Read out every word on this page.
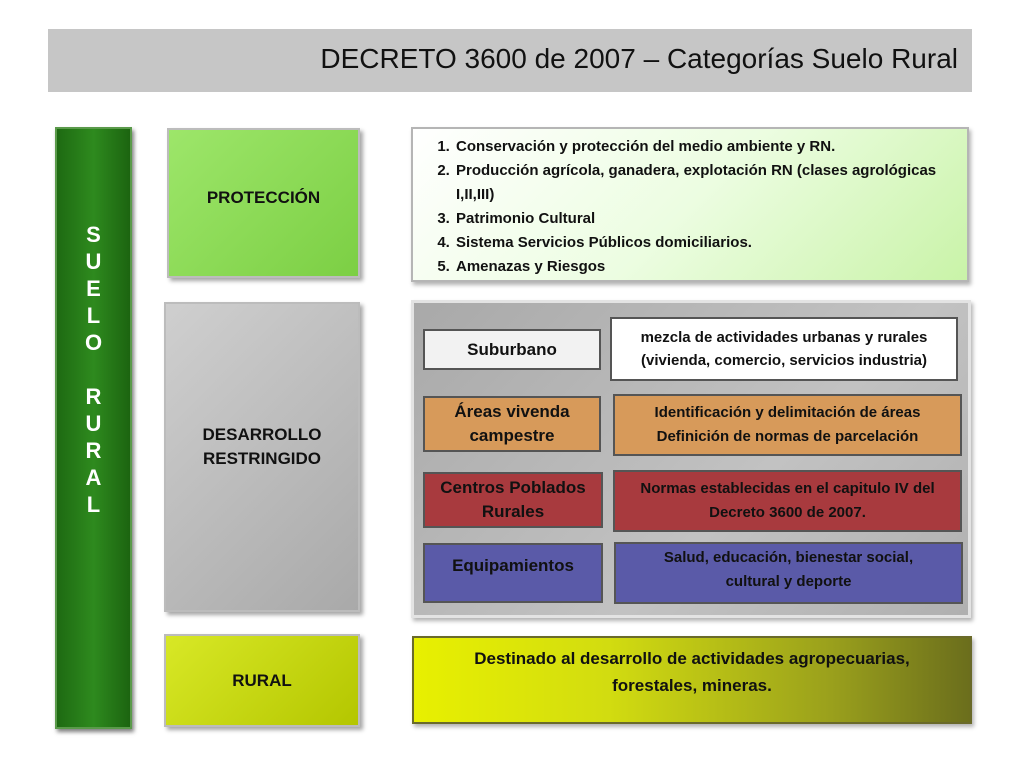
DECRETO 3600 de 2007 – Categorías Suelo Rural
S
U
E
L
O
R
U
R
A
L
PROTECCIÓN
DESARROLLO
RESTRINGIDO
RURAL
1. Conservación y protección del medio ambiente y RN.
2. Producción agrícola, ganadera, explotación RN (clases agrológicas I,II,III)
3. Patrimonio Cultural
4. Sistema Servicios Públicos domiciliarios.
5. Amenazas y Riesgos
Suburbano
mezcla de actividades urbanas y rurales
(vivienda, comercio, servicios industria)
Áreas vivenda
campestre
Identificación y delimitación de áreas
Definición de normas de parcelación
Centros Poblados
Rurales
Normas establecidas en el capitulo IV del
Decreto 3600 de 2007.
Equipamientos	Salud, educación, bienestar social,
cultural y deporte
Destinado al desarrollo de actividades agropecuarias,
forestales, mineras.
